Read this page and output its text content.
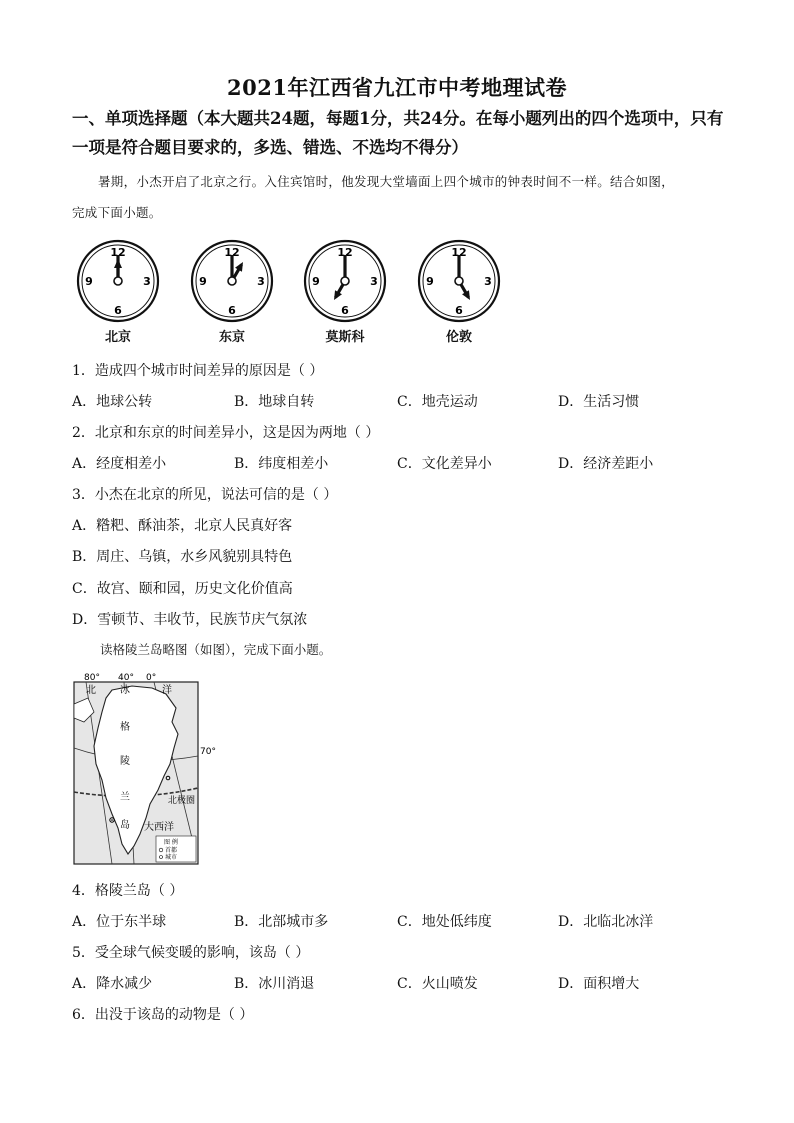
2021年江西省九江市中考地理试卷
一、单项选择题（本大题共24题，每题1分，共24分。在每小题列出的四个选项中，只有
一项是符合题目要求的，多选、错选、不选均不得分）
暑期，小杰开启了北京之行。入住宾馆时，他发现大堂墙面上四个城市的钟表时间不一样。结合如图，
完成下面小题。
12
3
6
9
12
3
6
9
12
3
6
9
12
3
6
9
北京	东京	莫斯科	伦敦
1．造成四个城市时间差异的原因是（ ）
A．地球公转	B．地球自转	C．地壳运动	D．生活习惯
2．北京和东京的时间差异小，这是因为两地（ ）
A．经度相差小	B．纬度相差小	C．文化差异小	D．经济差距小
3．小杰在北京的所见，说法可信的是（ ）
A．糌粑、酥油茶，北京人民真好客
B．周庄、乌镇，水乡风貌别具特色
C．故宫、颐和园，历史文化价值高
D．雪顿节、丰收节，民族节庆气氛浓
读格陵兰岛略图（如图），完成下面小题。
80° 40° 0°
70°
北 冰	洋
格
陵
兰
岛
北极圈
大西洋
图 例
首都
城市
4．格陵兰岛（ ）
A．位于东半球	B．北部城市多	C．地处低纬度	D．北临北冰洋
5．受全球气候变暖的影响，该岛（ ）
A．降水减少	B．冰川消退	C．火山喷发	D．面积增大
6．出没于该岛的动物是（ ）
